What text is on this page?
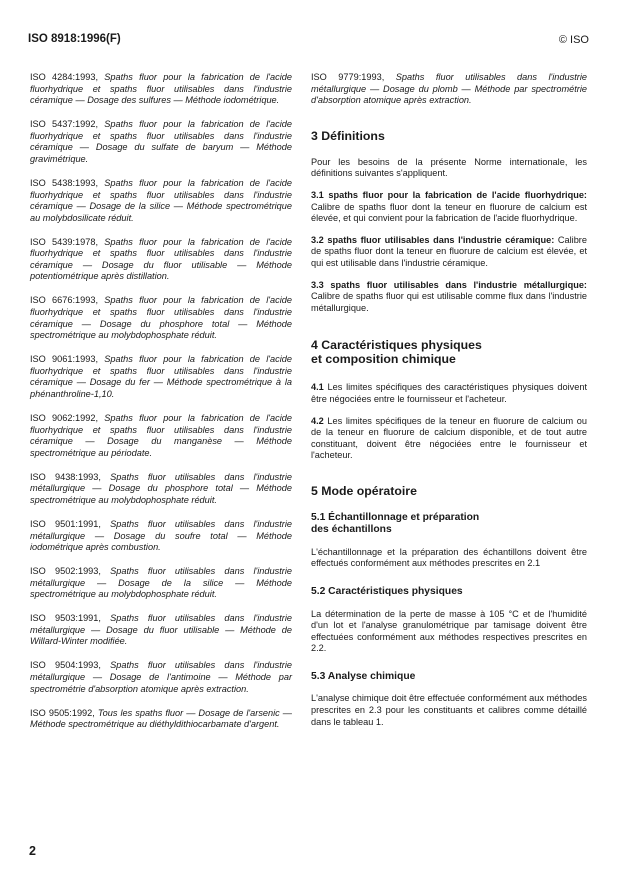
ISO 8918:1996(F)	© ISO
ISO 4284:1993, Spaths fluor pour la fabrication de l'acide fluorhydrique et spaths fluor utilisables dans l'industrie céramique — Dosage des sulfures — Méthode iodométrique.
ISO 5437:1992, Spaths fluor pour la fabrication de l'acide fluorhydrique et spaths fluor utilisables dans l'industrie céramique — Dosage du sulfate de baryum — Méthode gravimétrique.
ISO 5438:1993, Spaths fluor pour la fabrication de l'acide fluorhydrique et spaths fluor utilisables dans l'industrie céramique — Dosage de la silice — Méthode spectrométrique au molybdosilicate réduit.
ISO 5439:1978, Spaths fluor pour la fabrication de l'acide fluorhydrique et spaths fluor utilisables dans l'industrie céramique — Dosage du fluor utilisable — Méthode potentiométrique après distillation.
ISO 6676:1993, Spaths fluor pour la fabrication de l'acide fluorhydrique et spaths fluor utilisables dans l'industrie céramique — Dosage du phosphore total — Méthode spectrométrique au molybdophosphate réduit.
ISO 9061:1993, Spaths fluor pour la fabrication de l'acide fluorhydrique et spaths fluor utilisables dans l'industrie céramique — Dosage du fer — Méthode spectrométrique à la phénanthroline-1,10.
ISO 9062:1992, Spaths fluor pour la fabrication de l'acide fluorhydrique et spaths fluor utilisables dans l'industrie céramique — Dosage du manganèse — Méthode spectrométrique au périodate.
ISO 9438:1993, Spaths fluor utilisables dans l'industrie métallurgique — Dosage du phosphore total — Méthode spectrométrique au molybdophosphate réduit.
ISO 9501:1991, Spaths fluor utilisables dans l'industrie métallurgique — Dosage du soufre total — Méthode iodométrique après combustion.
ISO 9502:1993, Spaths fluor utilisables dans l'industrie métallurgique — Dosage de la silice — Méthode spectrométrique au molybdophosphate réduit.
ISO 9503:1991, Spaths fluor utilisables dans l'industrie métallurgique — Dosage du fluor utilisable — Méthode de Willard-Winter modifiée.
ISO 9504:1993, Spaths fluor utilisables dans l'industrie métallurgique — Dosage de l'antimoine — Méthode par spectrométrie d'absorption atomique après extraction.
ISO 9505:1992, Tous les spaths fluor — Dosage de l'arsenic — Méthode spectrométrique au diéthyldithiocarbamate d'argent.
ISO 9779:1993, Spaths fluor utilisables dans l'industrie métallurgique — Dosage du plomb — Méthode par spectrométrie d'absorption atomique après extraction.
3 Définitions

Pour les besoins de la présente Norme internationale, les définitions suivantes s'appliquent.

3.1 spaths fluor pour la fabrication de l'acide fluorhydrique: Calibre de spaths fluor dont la teneur en fluorure de calcium est élevée, et qui convient pour la fabrication de l'acide fluorhydrique.

3.2 spaths fluor utilisables dans l'industrie céramique: Calibre de spaths fluor dont la teneur en fluorure de calcium est élevée, et qui est utilisable dans l'industrie céramique.

3.3 spaths fluor utilisables dans l'industrie métallurgique: Calibre de spaths fluor qui est utilisable comme flux dans l'industrie métallurgique.

4 Caractéristiques physiques
et composition chimique

4.1 Les limites spécifiques des caractéristiques physiques doivent être négociées entre le fournisseur et l'acheteur.

4.2 Les limites spécifiques de la teneur en fluorure de calcium ou de la teneur en fluorure de calcium disponible, et de tout autre constituant, doivent être négociées entre le fournisseur et l'acheteur.

5 Mode opératoire
5.1 Échantillonnage et préparation
des échantillons

L'échantillonnage et la préparation des échantillons doivent être effectués conformément aux méthodes prescrites en 2.1

5.2 Caractéristiques physiques

La détermination de la perte de masse à 105 °C et de l'humidité d'un lot et l'analyse granulométrique par tamisage doivent être effectuées conformément aux méthodes respectives prescrites en 2.2.

5.3 Analyse chimique

L'analyse chimique doit être effectuée conformément aux méthodes prescrites en 2.3 pour les constituants et calibres comme détaillé dans le tableau 1.

2
